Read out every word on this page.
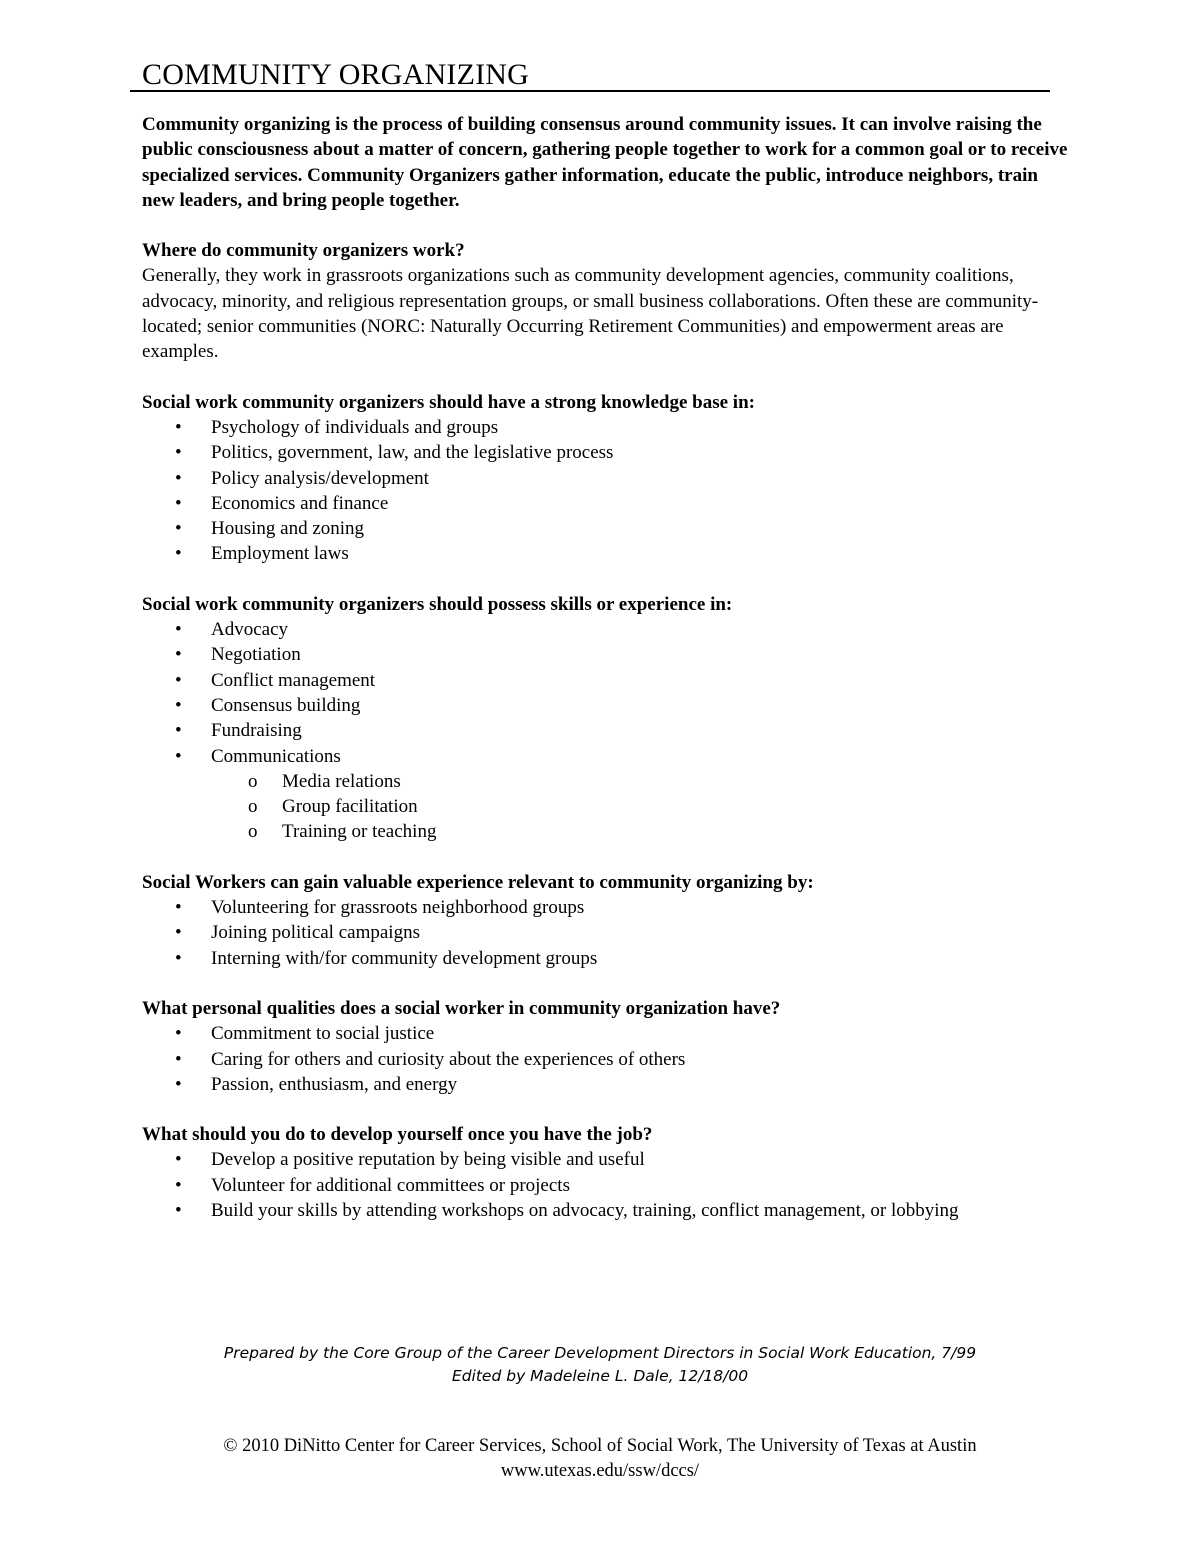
COMMUNITY ORGANIZING

Community organizing is the process of building consensus around community issues. It can involve raising the public consciousness about a matter of concern, gathering people together to work for a common goal or to receive specialized services. Community Organizers gather information, educate the public, introduce neighbors, train new leaders, and bring people together.

Where do community organizers work?

Generally, they work in grassroots organizations such as community development agencies, community coalitions, advocacy, minority, and religious representation groups, or small business collaborations. Often these are community-located; senior communities (NORC: Naturally Occurring Retirement Communities) and empowerment areas are examples.

Social work community organizers should have a strong knowledge base in:

• Psychology of individuals and groups
• Politics, government, law, and the legislative process
• Policy analysis/development
• Economics and finance
• Housing and zoning
• Employment laws

Social work community organizers should possess skills or experience in:

• Advocacy
• Negotiation
• Conflict management
• Consensus building
• Fundraising
• Communications
o Media relations
o Group facilitation
o Training or teaching

Social Workers can gain valuable experience relevant to community organizing by:

• Volunteering for grassroots neighborhood groups
• Joining political campaigns
• Interning with/for community development groups

What personal qualities does a social worker in community organization have?

• Commitment to social justice
• Caring for others and curiosity about the experiences of others
• Passion, enthusiasm, and energy

What should you do to develop yourself once you have the job?

• Develop a positive reputation by being visible and useful
• Volunteer for additional committees or projects
• Build your skills by attending workshops on advocacy, training, conflict management, or lobbying
Prepared by the Core Group of the Career Development Directors in Social Work Education, 7/99
Edited by Madeleine L. Dale, 12/18/00
© 2010 DiNitto Center for Career Services, School of Social Work, The University of Texas at Austin
www.utexas.edu/ssw/dccs/
